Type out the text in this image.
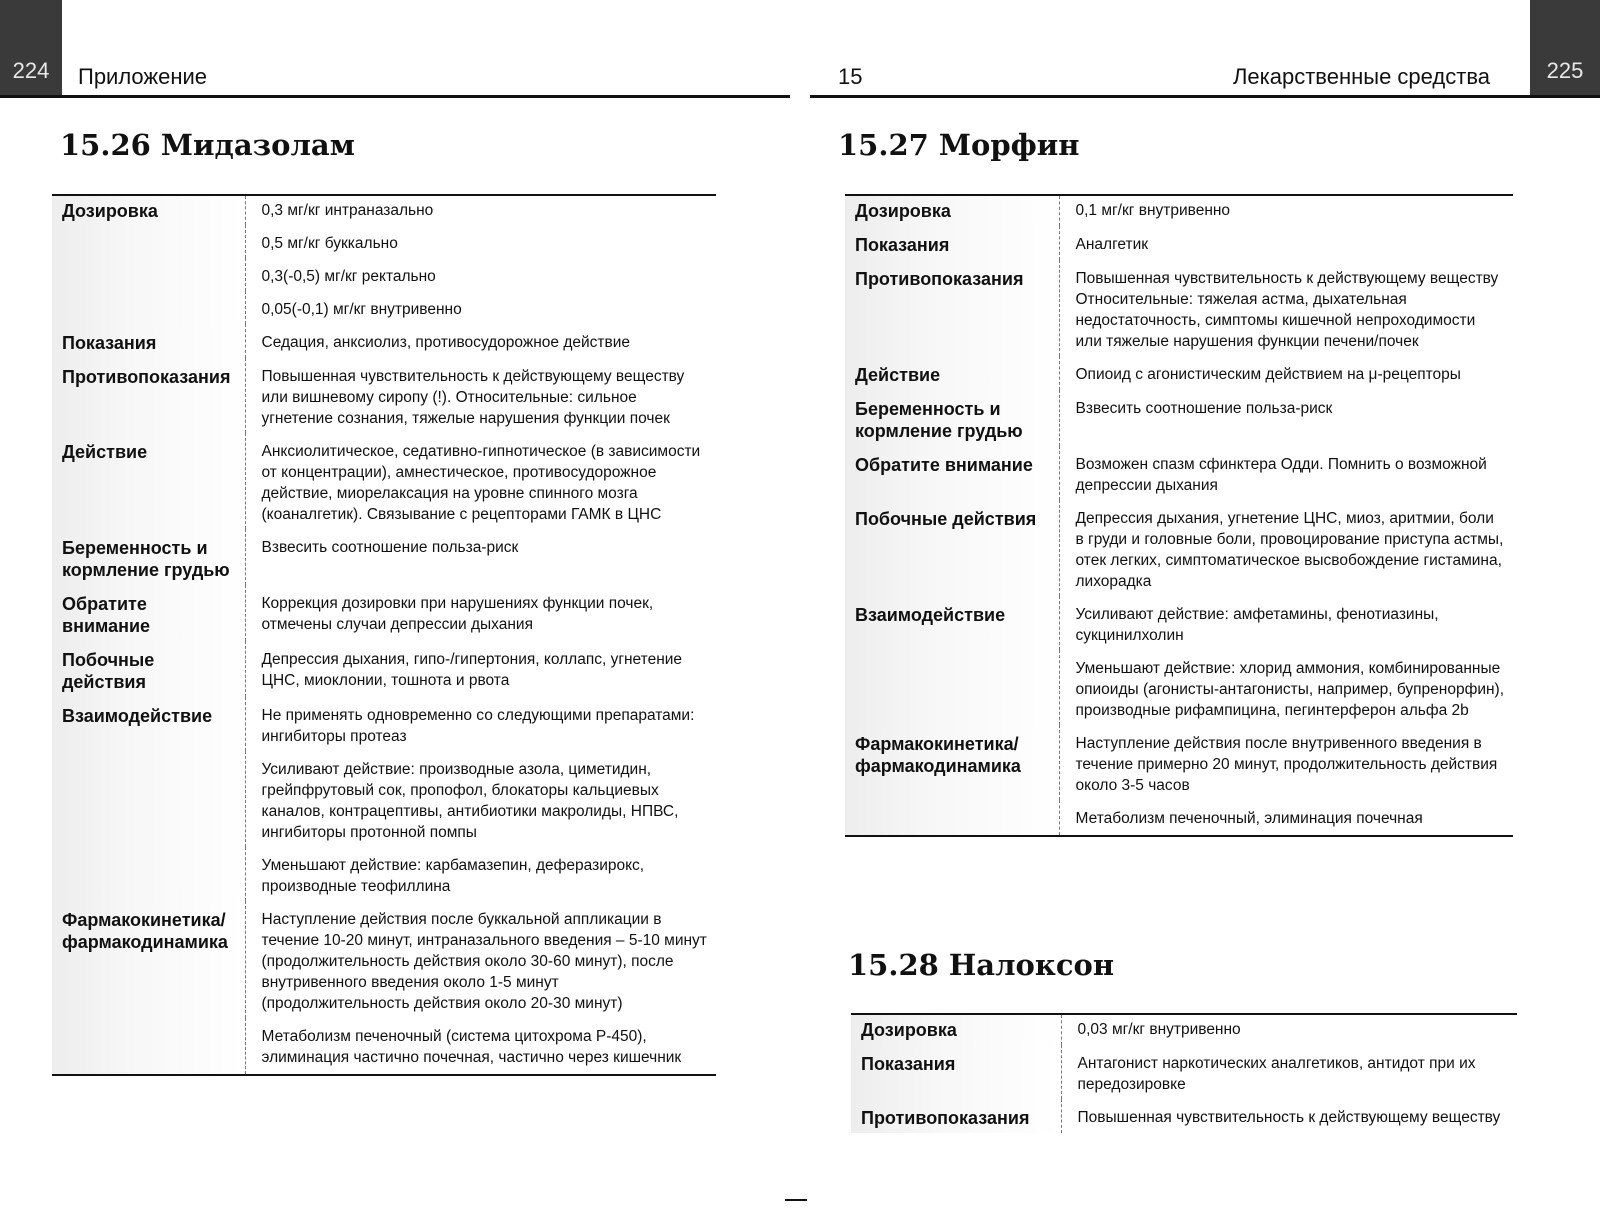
224	Приложение	15	Лекарственные средства	225
15.26 Мидазолам
Дозировка	0,3 мг/кг интраназально
	0,5 мг/кг буккально
	0,3(-0,5) мг/кг ректально
	0,05(-0,1) мг/кг внутривенно
Показания	Седация, анксиолиз, противосудорожное действие
Противопоказания	Повышенная чувствительность к действующему веществу или вишневому сиропу (!). Относительные: сильное угнетение сознания, тяжелые нарушения функции почек
Действие	Анксиолитическое, седативно-гипнотическое (в зависимости от концентрации), амнестическое, противосудорожное действие, миорелаксация на уровне спинного мозга (коаналгетик). Связывание с рецепторами ГАМК в ЦНС
Беременность и кормление грудью	Взвесить соотношение польза-риск
Обратите внимание	Коррекция дозировки при нарушениях функции почек, отмечены случаи депрессии дыхания
Побочные действия	Депрессия дыхания, гипо-/гипертония, коллапс, угнетение ЦНС, миоклонии, тошнота и рвота
Взаимодействие	Не применять одновременно со следующими препаратами: ингибиторы протеаз
	Усиливают действие: производные азола, циметидин, грейпфрутовый сок, пропофол, блокаторы кальциевых каналов, контрацептивы, антибиотики макролиды, НПВС, ингибиторы протонной помпы
	Уменьшают действие: карбамазепин, деферазирокс, производные теофиллина
Фармакокинетика/ фармакодинамика	Наступление действия после буккальной аппликации в течение 10-20 минут, интраназального введения – 5-10 минут (продолжительность действия около 30-60 минут), после внутривенного введения около 1-5 минут (продолжительность действия около 20-30 минут)
	Метаболизм печеночный (система цитохрома Р-450), элиминация частично почечная, частично через кишечник
15.27 Морфин
Дозировка	0,1 мг/кг внутривенно
Показания	Аналгетик
Противопоказания	Повышенная чувствительность к действующему веществу Относительные: тяжелая астма, дыхательная недостаточность, симптомы кишечной непроходимости или тяжелые нарушения функции печени/почек
Действие	Опиоид с агонистическим действием на μ-рецепторы
Беременность и кормление грудью	Взвесить соотношение польза-риск
Обратите внимание	Возможен спазм сфинктера Одди. Помнить о возможной депрессии дыхания
Побочные действия	Депрессия дыхания, угнетение ЦНС, миоз, аритмии, боли в груди и головные боли, провоцирование приступа астмы, отек легких, симптоматическое высвобождение гистамина, лихорадка
Взаимодействие	Усиливают действие: амфетамины, фенотиазины, сукцинилхолин
	Уменьшают действие: хлорид аммония, комбинированные опиоиды (агонисты-антагонисты, например, бупренорфин), производные рифампицина, пегинтерферон альфа 2b
Фармакокинетика/ фармакодинамика	Наступление действия после внутривенного введения в течение примерно 20 минут, продолжительность действия около 3-5 часов
	Метаболизм печеночный, элиминация почечная
15.28 Налоксон
Дозировка	0,03 мг/кг внутривенно
Показания	Антагонист наркотических аналгетиков, антидот при их передозировке
Противопоказания	Повышенная чувствительность к действующему веществу
